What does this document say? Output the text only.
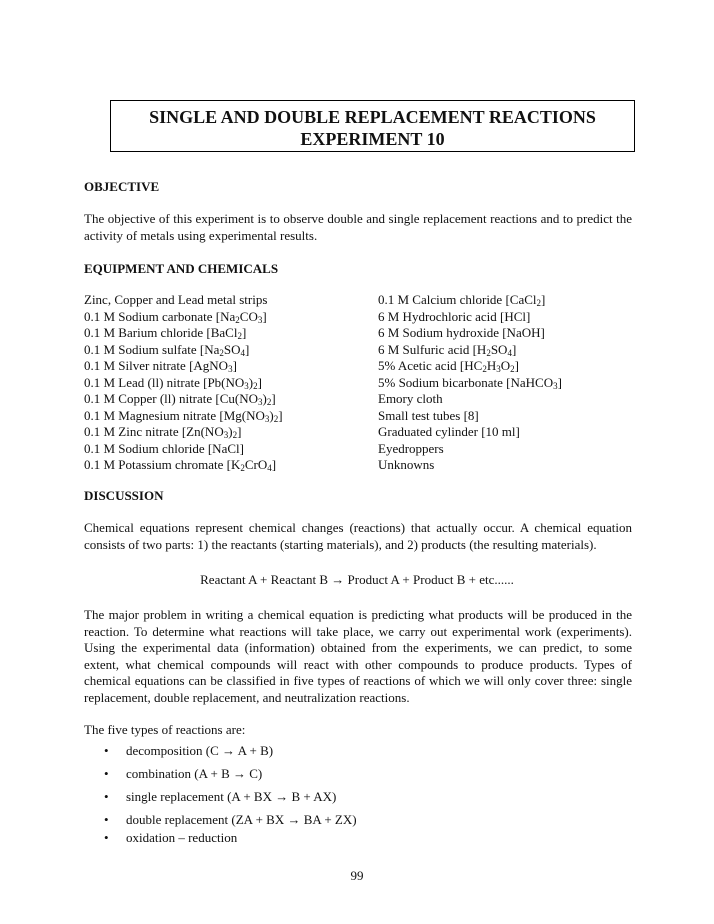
SINGLE AND DOUBLE REPLACEMENT REACTIONS
EXPERIMENT 10
OBJECTIVE
The objective of this experiment is to observe double and single replacement reactions and to predict the activity of metals using experimental results.
EQUIPMENT AND CHEMICALS
Zinc, Copper and Lead metal strips
0.1 M Sodium carbonate $[Na_2CO_3]$
0.1 M Barium chloride [BaCl$_2$]
0.1 M Sodium sulfate $[Na_2SO_4]$
0.1 M Silver nitrate [AgNO$_3$]
0.1 M Lead (ll) nitrate $[Pb(NO_3)_2]$
0.1 M Copper (ll) nitrate $[Cu(NO_3)_2]$
0.1 M Magnesium nitrate $[Mg(NO_3)_2]$
0.1 M Zinc nitrate $[Zn(NO_3)_2]$
0.1 M Sodium chloride [NaCl]
0.1 M Potassium chromate $[K_2CrO_4]$
0.1 M Calcium chloride [CaCl$_2$]
6 M Hydrochloric acid [HCl]
6 M Sodium hydroxide [NaOH]
6 M Sulfuric acid $[H_2SO_4]$
5% Acetic acid $[HC_2H_3O_2]$
5% Sodium bicarbonate [NaHCO$_3$]
Emory cloth
Small test tubes [8]
Graduated cylinder [10 ml]
Eyedroppers
Unknowns
DISCUSSION
Chemical equations represent chemical changes (reactions) that actually occur. A chemical equation consists of two parts: 1) the reactants (starting materials), and 2) products (the resulting materials).
Reactant A + Reactant B → Product A + Product B + etc......
The major problem in writing a chemical equation is predicting what products will be produced in the reaction. To determine what reactions will take place, we carry out experimental work (experiments). Using the experimental data (information) obtained from the experiments, we can predict, to some extent, what chemical compounds will react with other compounds to produce products. Types of chemical equations can be classified in five types of reactions of which we will only cover three: single replacement, double replacement, and neutralization reactions.
The five types of reactions are:
• decomposition (C → A + B)
• combination (A + B → C)
• single replacement (A + BX → B + AX)
• double replacement (ZA + BX → BA + ZX)
• oxidation – reduction
99
